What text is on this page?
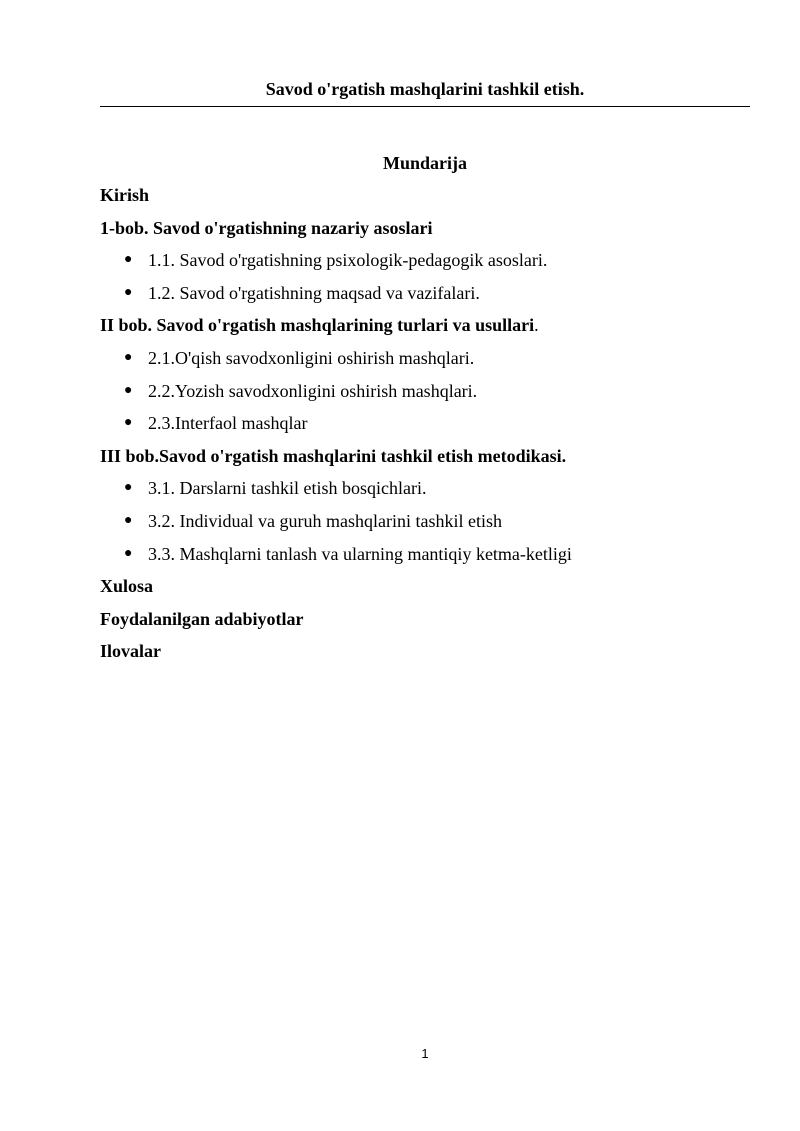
Savod o'rgatish mashqlarini tashkil etish.
Mundarija
Kirish
1-bob. Savod o'rgatishning nazariy asoslari
● 1.1. Savod o'rgatishning psixologik-pedagogik asoslari.
● 1.2. Savod o'rgatishning maqsad va vazifalari.
II bob. Savod o'rgatish mashqlarining turlari va usullari.
● 2.1.O'qish savodxonligini oshirish mashqlari.
● 2.2.Yozish savodxonligini oshirish mashqlari.
● 2.3.Interfaol mashqlar
III bob.Savod o'rgatish mashqlarini tashkil etish metodikasi.
● 3.1. Darslarni tashkil etish bosqichlari.
● 3.2. Individual va guruh mashqlarini tashkil etish
● 3.3. Mashqlarni tanlash va ularning mantiqiy ketma-ketligi
Xulosa
Foydalanilgan adabiyotlar
Ilovalar
1
